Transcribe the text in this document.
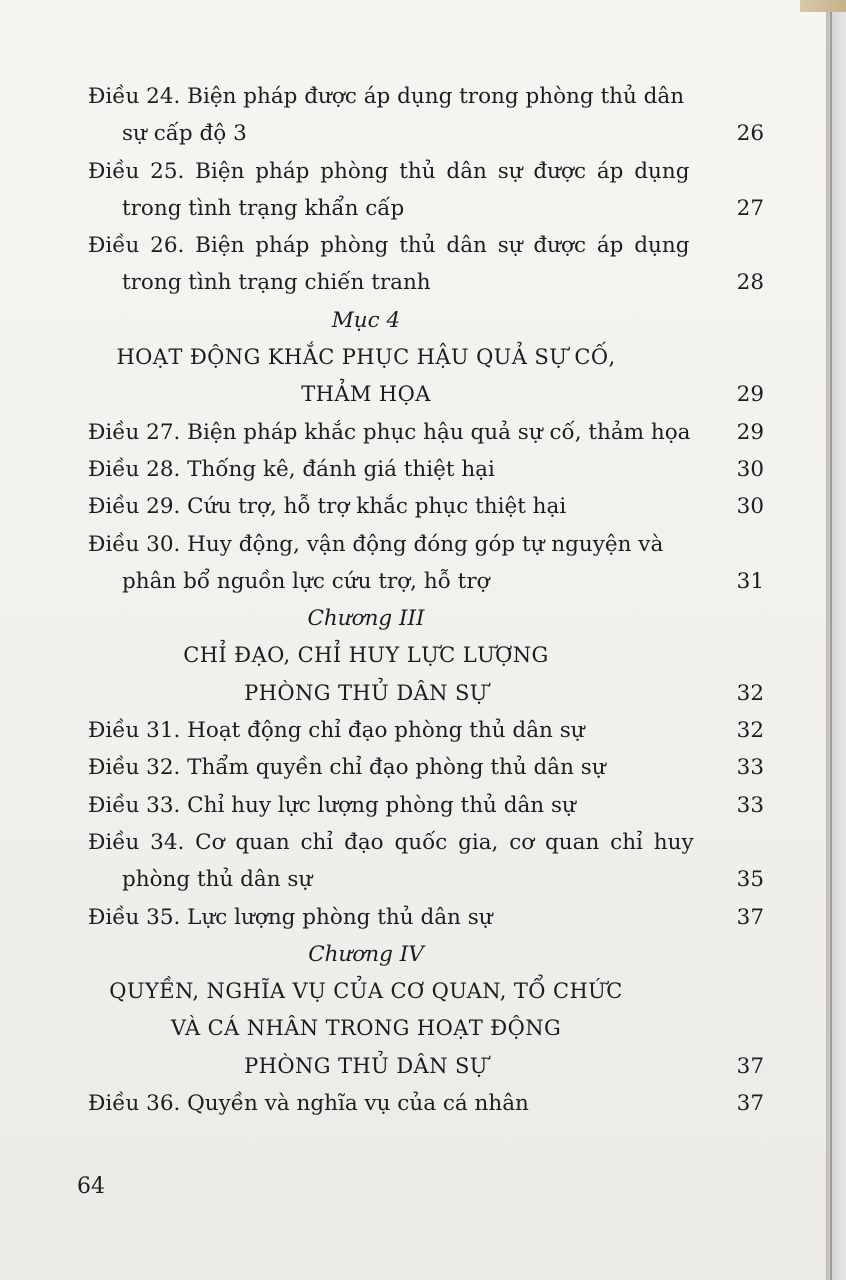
Điều 24. Biện pháp được áp dụng trong phòng thủ dân
sự cấp độ 3	26
Điều 25. Biện pháp phòng thủ dân sự được áp dụng
trong tình trạng khẩn cấp	27
Điều 26. Biện pháp phòng thủ dân sự được áp dụng
trong tình trạng chiến tranh	28
Mục 4
HOẠT ĐỘNG KHẮC PHỤC HẬU QUẢ SỰ CỐ,
THẢM HỌA	29
Điều 27. Biện pháp khắc phục hậu quả sự cố, thảm họa 29
Điều 28. Thống kê, đánh giá thiệt hại	30
Điều 29. Cứu trợ, hỗ trợ khắc phục thiệt hại	30
Điều 30. Huy động, vận động đóng góp tự nguyện và
phân bổ nguồn lực cứu trợ, hỗ trợ	31
Chương III
CHỈ ĐẠO, CHỈ HUY LỰC LƯỢNG
PHÒNG THỦ DÂN SỰ	32
Điều 31. Hoạt động chỉ đạo phòng thủ dân sự	32
Điều 32. Thẩm quyền chỉ đạo phòng thủ dân sự	33
Điều 33. Chỉ huy lực lượng phòng thủ dân sự	33
Điều 34. Cơ quan chỉ đạo quốc gia, cơ quan chỉ huy
phòng thủ dân sự	35
Điều 35. Lực lượng phòng thủ dân sự	37
Chương IV
QUYỀN, NGHĨA VỤ CỦA CƠ QUAN, TỔ CHỨC
VÀ CÁ NHÂN TRONG HOẠT ĐỘNG
PHÒNG THỦ DÂN SỰ	37
Điều 36. Quyền và nghĩa vụ của cá nhân	37
64
